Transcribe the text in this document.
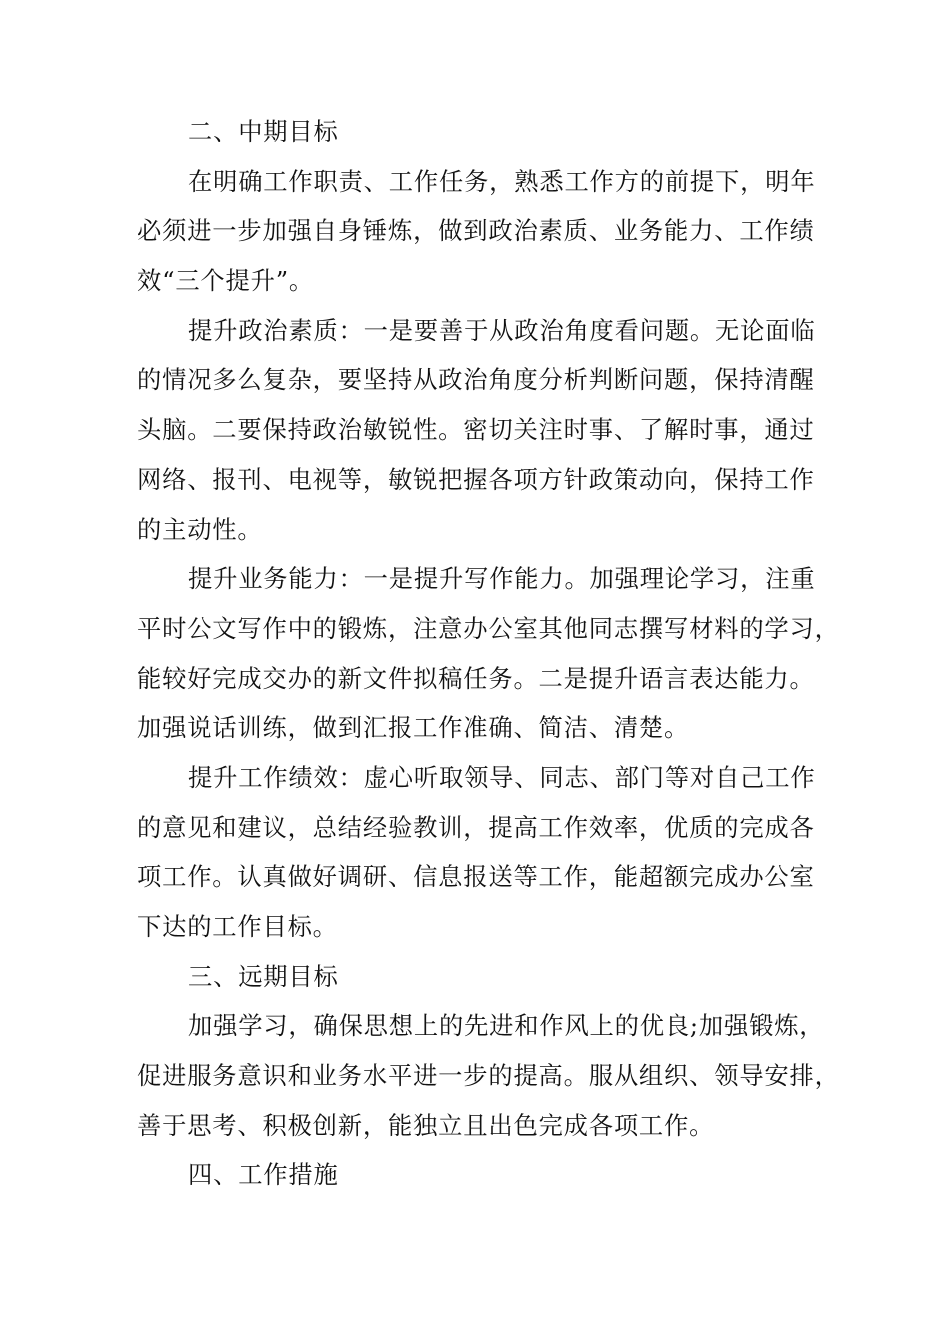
二、中期目标
在明确工作职责、工作任务，熟悉工作方的前提下，明年
必须进一步加强自身锤炼，做到政治素质、业务能力、工作绩
效“三个提升”。
提升政治素质：一是要善于从政治角度看问题。无论面临
的情况多么复杂，要坚持从政治角度分析判断问题，保持清醒
头脑。二要保持政治敏锐性。密切关注时事、了解时事，通过
网络、报刊、电视等，敏锐把握各项方针政策动向，保持工作
的主动性。
提升业务能力：一是提升写作能力。加强理论学习，注重
平时公文写作中的锻炼，注意办公室其他同志撰写材料的学习，
能较好完成交办的新文件拟稿任务。二是提升语言表达能力。
加强说话训练，做到汇报工作准确、简洁、清楚。
提升工作绩效：虚心听取领导、同志、部门等对自己工作
的意见和建议，总结经验教训，提高工作效率，优质的完成各
项工作。认真做好调研、信息报送等工作，能超额完成办公室
下达的工作目标。
三、远期目标
加强学习，确保思想上的先进和作风上的优良;加强锻炼，
促进服务意识和业务水平进一步的提高。服从组织、领导安排，
善于思考、积极创新，能独立且出色完成各项工作。
四、工作措施
